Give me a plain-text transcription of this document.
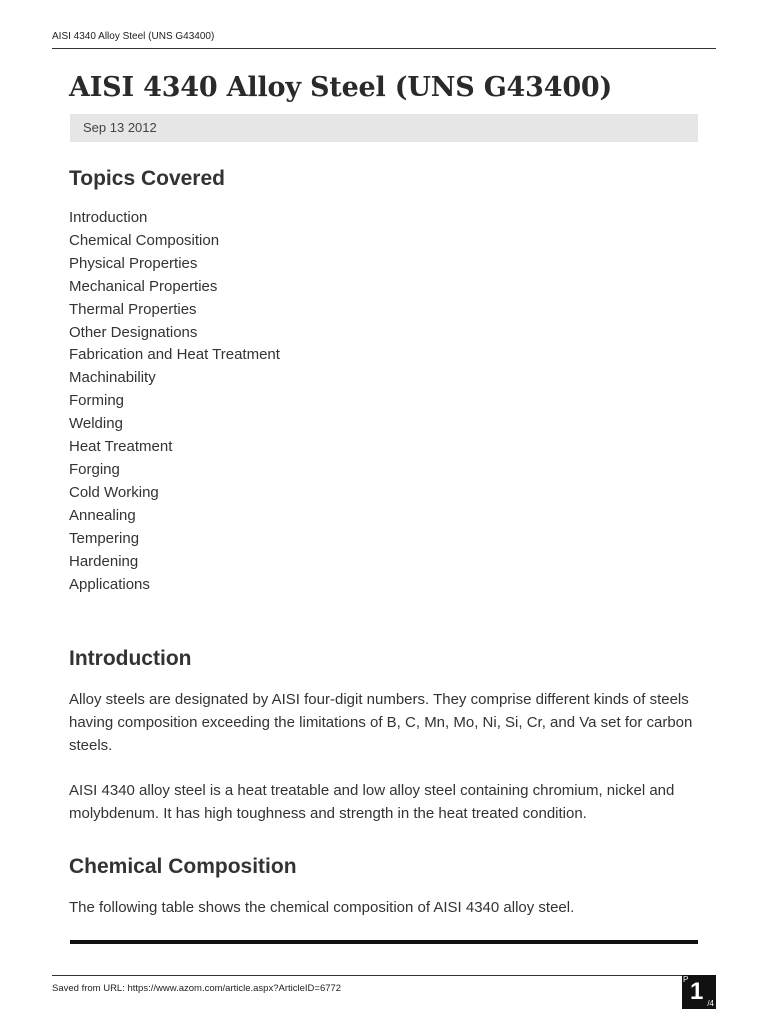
AISI 4340 Alloy Steel (UNS G43400)
AISI 4340 Alloy Steel (UNS G43400)
Sep 13 2012
Topics Covered
Introduction
Chemical Composition
Physical Properties
Mechanical Properties
Thermal Properties
Other Designations
Fabrication and Heat Treatment
Machinability
Forming
Welding
Heat Treatment
Forging
Cold Working
Annealing
Tempering
Hardening
Applications
Introduction

Alloy steels are designated by AISI four-digit numbers. They comprise different kinds of steels having composition exceeding the limitations of B, C, Mn, Mo, Ni, Si, Cr, and Va set for carbon steels.

AISI 4340 alloy steel is a heat treatable and low alloy steel containing chromium, nickel and molybdenum. It has high toughness and strength in the heat treated condition.

Chemical Composition

The following table shows the chemical composition of AISI 4340 alloy steel.

Saved from URL: https://www.azom.com/article.aspx?ArticleID=6772
P 1 /4
